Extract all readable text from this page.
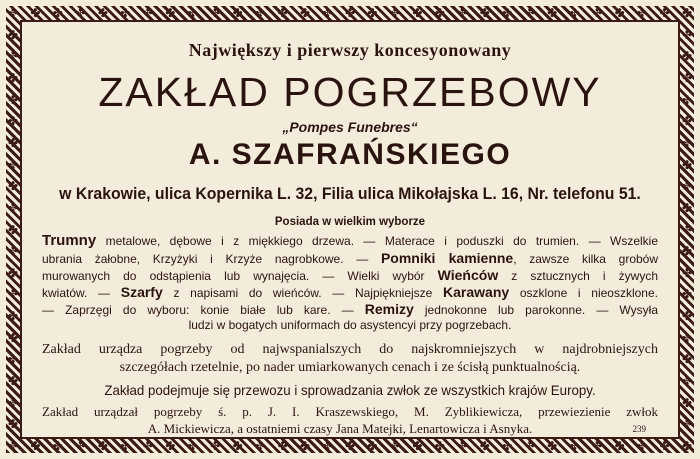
✤
✤
✤
✤
✤
✤
✤
✤
✤
✤
✤
✤
✤
✤
✤
✤
✤
✤
✤
✤
✤
✤
✤
✤
✤
✤
✤
✤
✤
✤
✤
✤
✤
✤
✤
✤
✤
✤
✤
✤
✤
✤
✤
✤
✤
✤
✤
✤
✤
✤
✤
✤
✤
✤
✤
✤
✤
✤
✤
✤
✤
✤
✤	✤
✤	✤
✤	✤
✤	✤
✤	✤
✤	✤
✤	✤
✤	✤
✤	✤
✤	✤
✤	✤
✤	✤
✤	✤
✤	✤
✤	✤
✤	✤
✤	✤
✤	✤
✤	✤
Największy i pierwszy koncesyonowany
ZAKŁAD POGRZEBOWY
„Pompes Funebres“
A. SZAFRAŃSKIEGO
w Krakowie, ulica Kopernika L. 32, Filia ulica Mikołajska L. 16, Nr. telefonu 51.
Posiada w wielkim wyborze
Trumny metalowe, dębowe i z miękkiego drzewa. — Materace i poduszki do trumien. — Wszelkie
ubrania żałobne, Krzyżyki i Krzyże nagrobkowe. — Pomniki kamienne, zawsze kilka grobów
murowanych do odstąpienia lub wynajęcia. — Wielki wybór Wieńców z sztucznych i żywych
kwiatów. — Szarfy z napisami do wieńców. — Najpiękniejsze Karawany oszklone i nieoszklone.
— Zaprzęgi do wyboru: konie białe lub kare. — Remizy jednokonne lub parokonne. — Wysyła
ludzi w bogatych uniformach do asystencyi przy pogrzebach.
Zakład urządza pogrzeby od najwspanialszych do najskromniejszych w najdrobniejszych
szczegółach rzetelnie, po nader umiarkowanych cenach i ze ścisłą punktualnością.
Zakład podejmuje się przewozu i sprowadzania zwłok ze wszystkich krajów Europy.
Zakład urządzał pogrzeby ś. p. J. I. Kraszewskiego, M. Zyblikiewicza, przewiezienie zwłok
A. Mickiewicza, a ostatniemi czasy Jana Matejki, Lenartowicza i Asnyka.	239
